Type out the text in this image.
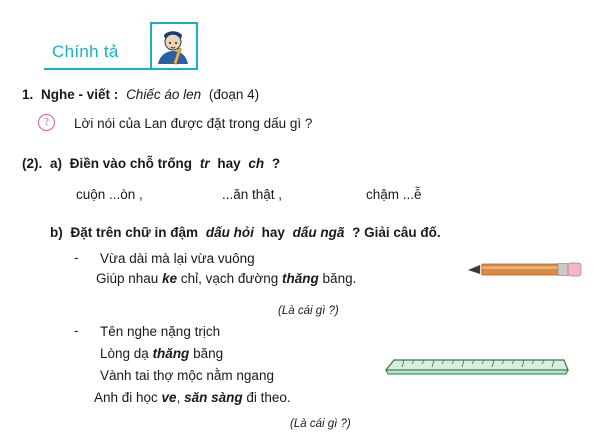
Chính tả
1. Nghe - viết : Chiếc áo len (đoạn 4)
?	Lời nói của Lan được đặt trong dấu gì ?
(2). a) Điền vào chỗ trống tr hay ch ?
cuộn ...òn ,	...ăn thật ,	chậm ...ễ
b) Đặt trên chữ in đậm dấu hỏi hay dấu ngã ? Giải câu đố.
- Vừa dài mà lại vừa vuông
Giúp nhau ke chỉ, vạch đường thăng băng.
(Là cái gì ?)
- Tên nghe nặng trịch
Lòng dạ thăng băng
Vành tai thợ mộc nằm ngang
Anh đi học ve, săn sàng đi theo.
(Là cái gì ?)
